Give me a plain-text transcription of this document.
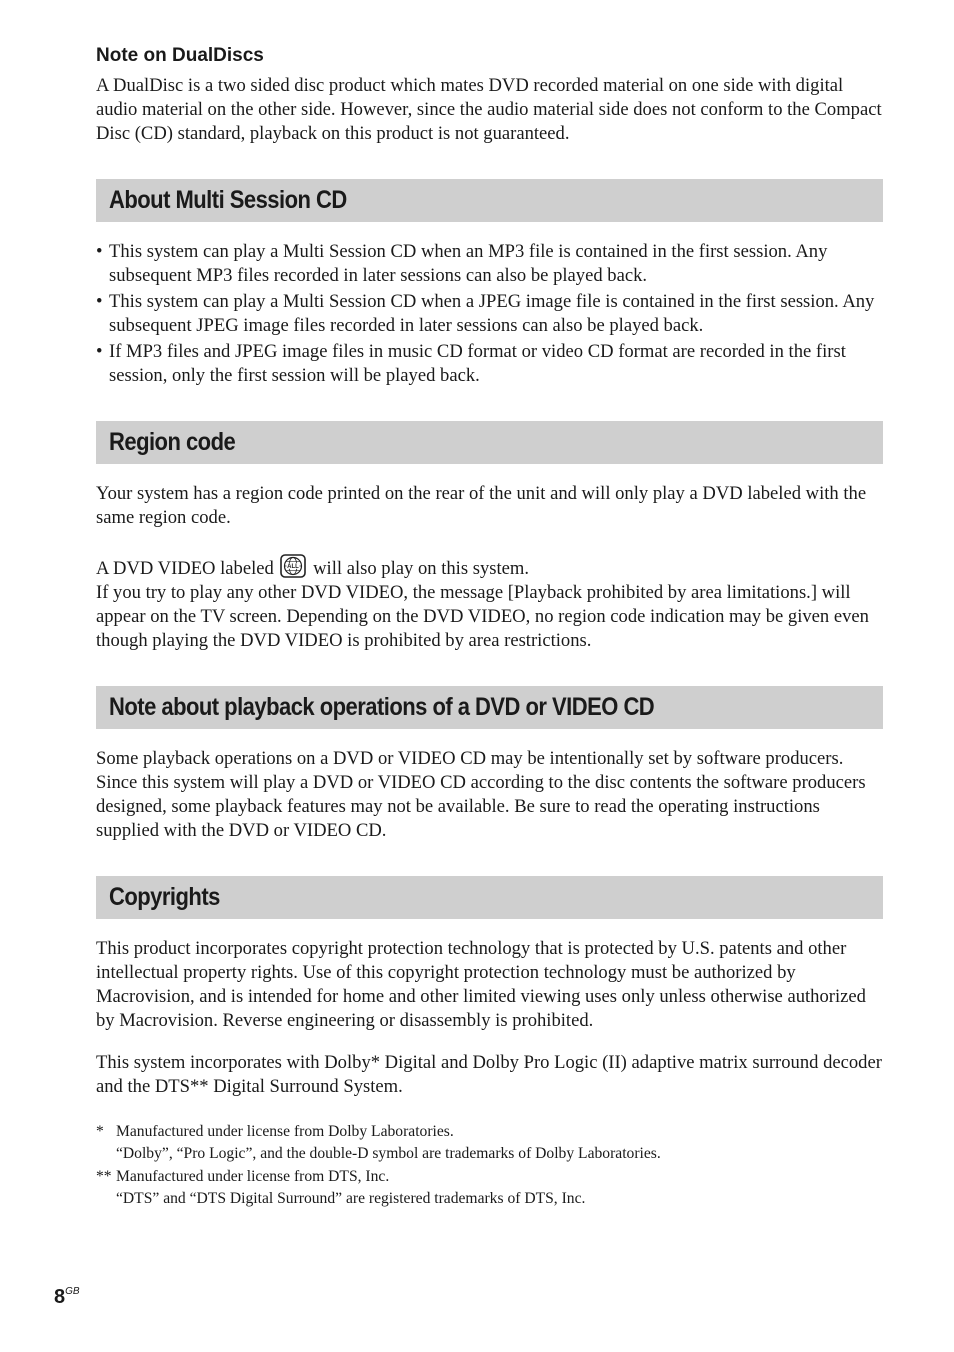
Note on DualDiscs

A DualDisc is a two sided disc product which mates DVD recorded material on one side with digital audio material on the other side. However, since the audio material side does not conform to the Compact Disc (CD) standard, playback on this product is not guaranteed.

About Multi Session CD
• This system can play a Multi Session CD when an MP3 file is contained in the first session. Any subsequent MP3 files recorded in later sessions can also be played back.
• This system can play a Multi Session CD when a JPEG image file is contained in the first session. Any subsequent JPEG image files recorded in later sessions can also be played back.
• If MP3 files and JPEG image files in music CD format or video CD format are recorded in the first session, only the first session will be played back.
Region code

Your system has a region code printed on the rear of the unit and will only play a DVD labeled with the same region code.

A DVD VIDEO labeled ALL will also play on this system.

If you try to play any other DVD VIDEO, the message [Playback prohibited by area limitations.] will appear on the TV screen. Depending on the DVD VIDEO, no region code indication may be given even though playing the DVD VIDEO is prohibited by area restrictions.

Note about playback operations of a DVD or VIDEO CD

Some playback operations on a DVD or VIDEO CD may be intentionally set by software producers. Since this system will play a DVD or VIDEO CD according to the disc contents the software producers designed, some playback features may not be available. Be sure to read the operating instructions supplied with the DVD or VIDEO CD.

Copyrights

This product incorporates copyright protection technology that is protected by U.S. patents and other intellectual property rights. Use of this copyright protection technology must be authorized by Macrovision, and is intended for home and other limited viewing uses only unless otherwise authorized by Macrovision. Reverse engineering or disassembly is prohibited.

This system incorporates with Dolby* Digital and Dolby Pro Logic (II) adaptive matrix surround decoder and the DTS** Digital Surround System.

* Manufactured under license from Dolby Laboratories.
“Dolby”, “Pro Logic”, and the double-D symbol are trademarks of Dolby Laboratories.
** Manufactured under license from DTS, Inc.
“DTS” and “DTS Digital Surround” are registered trademarks of DTS, Inc.
$8^{GB}$
